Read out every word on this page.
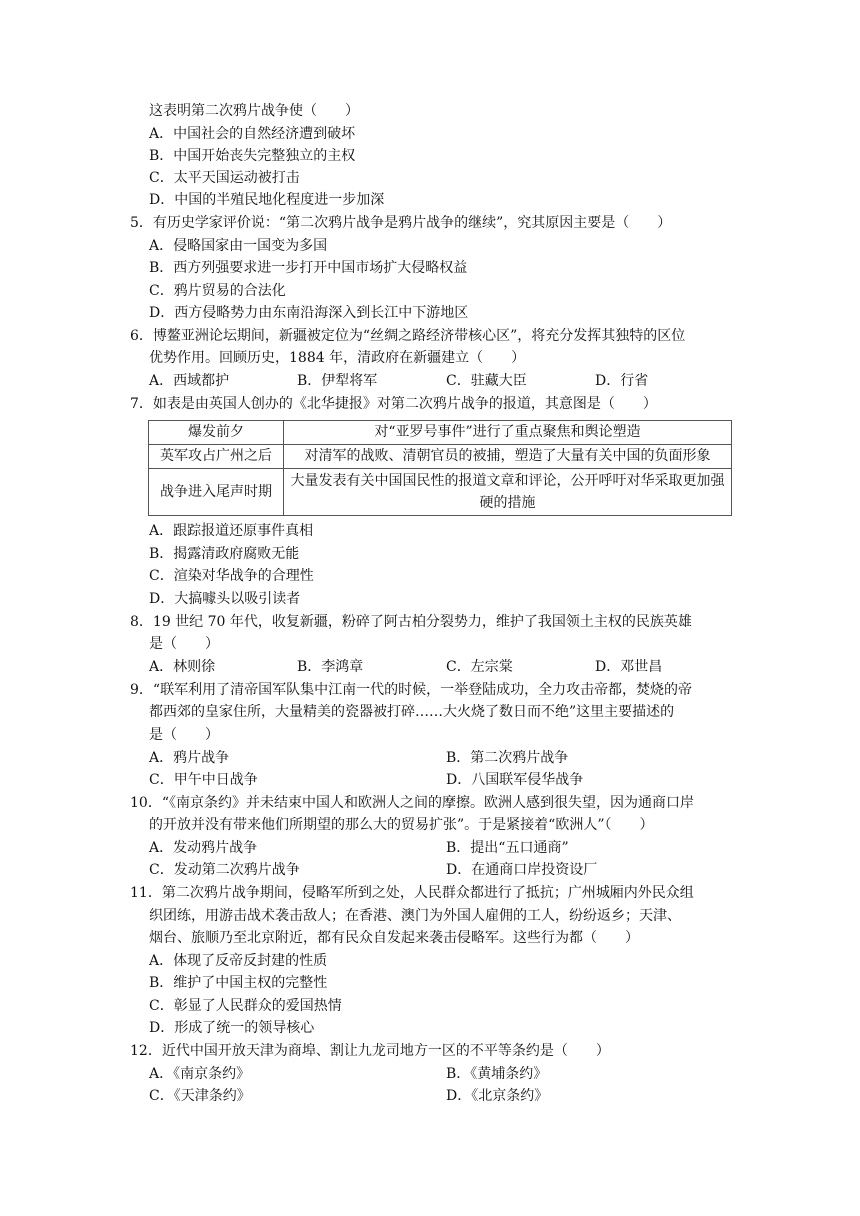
这表明第二次鸦片战争使（　　）
A．中国社会的自然经济遭到破坏
B．中国开始丧失完整独立的主权
C．太平天国运动被打击
D．中国的半殖民地化程度进一步加深
5．有历史学家评价说：“第二次鸦片战争是鸦片战争的继续”，究其原因主要是（　　）
A．侵略国家由一国变为多国
B．西方列强要求进一步打开中国市场扩大侵略权益
C．鸦片贸易的合法化
D．西方侵略势力由东南沿海深入到长江中下游地区
6．博鳌亚洲论坛期间，新疆被定位为“丝绸之路经济带核心区”，将充分发挥其独特的区位
优势作用。回顾历史，1884 年，清政府在新疆建立（　　）
7．如表是由英国人创办的《北华捷报》对第二次鸦片战争的报道，其意图是（　　）
A．跟踪报道还原事件真相
B．揭露清政府腐败无能
C．渲染对华战争的合理性
D．大搞噱头以吸引读者
8．19 世纪 70 年代，收复新疆，粉碎了阿古柏分裂势力，维护了我国领土主权的民族英雄
是（　　）
9．“联军利用了清帝国军队集中江南一代的时候，一举登陆成功，全力攻击帝都，焚烧的帝
都西郊的皇家住所，大量精美的瓷器被打碎……大火烧了数日而不绝”这里主要描述的
是（　　）
10．“《南京条约》并未结束中国人和欧洲人之间的摩擦。欧洲人感到很失望，因为通商口岸
的开放并没有带来他们所期望的那么大的贸易扩张”。于是紧接着“欧洲人”（　　）
11．第二次鸦片战争期间，侵略军所到之处，人民群众都进行了抵抗；广州城厢内外民众组
织团练，用游击战术袭击敌人；在香港、澳门为外国人雇佣的工人，纷纷返乡；天津、
烟台、旅顺乃至北京附近，都有民众自发起来袭击侵略军。这些行为都（　　）
A．体现了反帝反封建的性质
B．维护了中国主权的完整性
C．彰显了人民群众的爱国热情
D．形成了统一的领导核心
12．近代中国开放天津为商埠、割让九龙司地方一区的不平等条约是（　　）
A．西域都护	B．伊犁将军	C．驻藏大臣	D．行省
A．林则徐	B．李鸿章	C．左宗棠	D．邓世昌
A．鸦片战争	B．第二次鸦片战争
C．甲午中日战争	D．八国联军侵华战争
A．发动鸦片战争	B．提出“五口通商”
C．发动第二次鸦片战争	D．在通商口岸投资设厂
A．《南京条约》	B．《黄埔条约》
C．《天津条约》	D．《北京条约》
爆发前夕	对“亚罗号事件”进行了重点聚焦和舆论塑造
英军攻占广州之后	对清军的战败、清朝官员的被捕，塑造了大量有关中国的负面形象
战争进入尾声时期	大量发表有关中国国民性的报道文章和评论，公开呼吁对华采取更加强硬的措施
